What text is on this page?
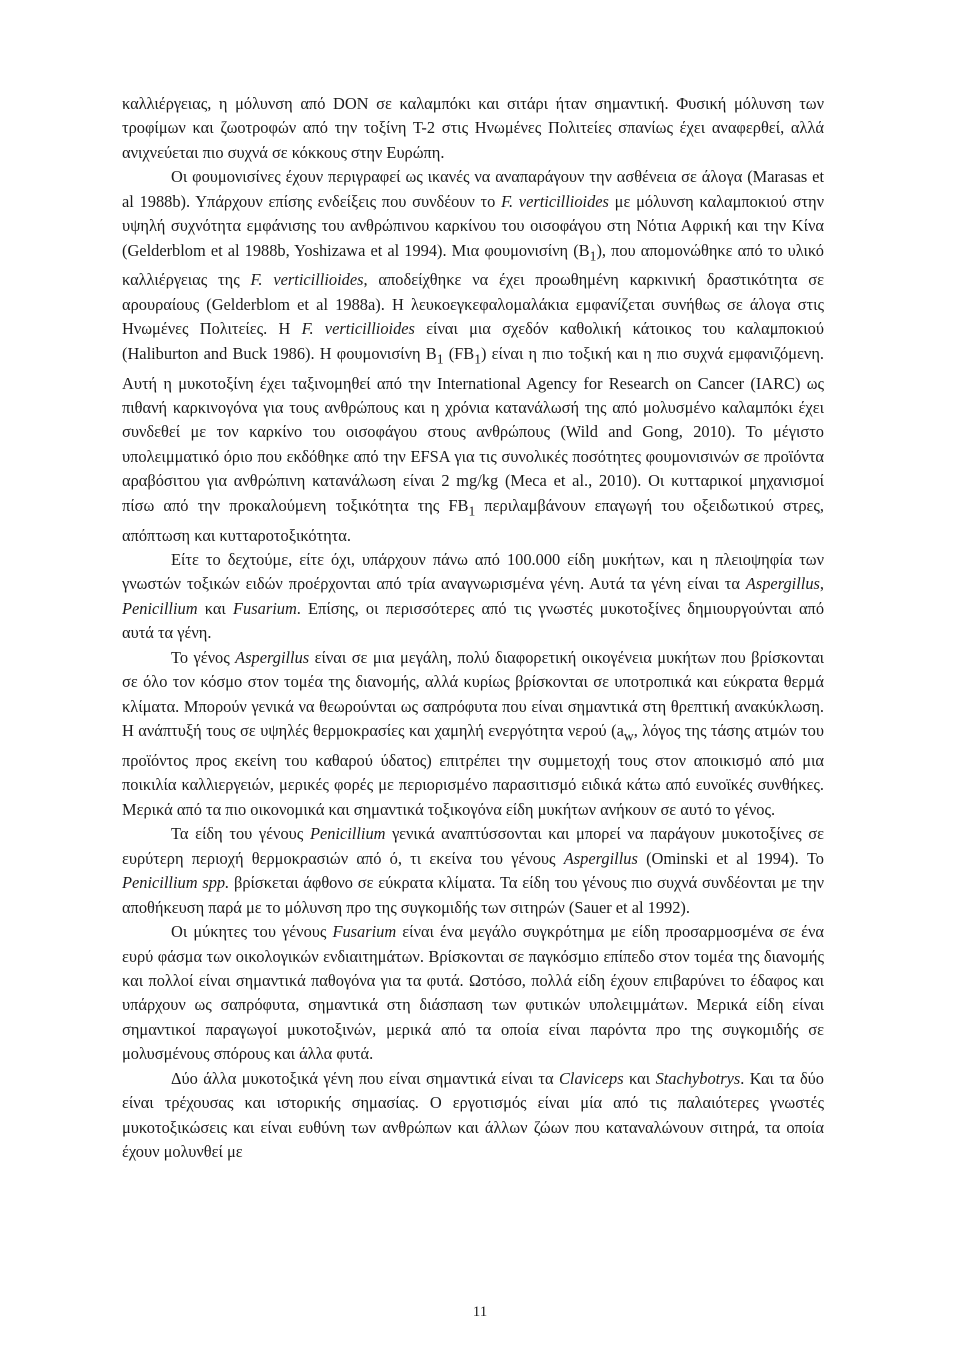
καλλιέργειας, η μόλυνση από DON σε καλαμπόκι και σιτάρι ήταν σημαντική. Φυσική μόλυνση των τροφίμων και ζωοτροφών από την τοξίνη Τ-2 στις Ηνωμένες Πολιτείες σπανίως έχει αναφερθεί, αλλά ανιχνεύεται πιο συχνά σε κόκκους στην Ευρώπη.

Οι φουμονισίνες έχουν περιγραφεί ως ικανές να αναπαράγουν την ασθένεια σε άλογα (Marasas et al 1988b). Υπάρχουν επίσης ενδείξεις που συνδέουν το F. verticillioides με μόλυνση καλαμποκιού στην υψηλή συχνότητα εμφάνισης του ανθρώπινου καρκίνου του οισοφάγου στη Νότια Αφρική και την Κίνα (Gelderblom et al 1988b, Yoshizawa et al 1994). Μια φουμονισίνη $(B_1)$, που απομονώθηκε από το υλικό καλλιέργειας της F. verticillioides, αποδείχθηκε να έχει προωθημένη καρκινική δραστικότητα σε αρουραίους (Gelderblom et al 1988a). Η λευκοεγκεφαλομαλάκια εμφανίζεται συνήθως σε άλογα στις Ηνωμένες Πολιτείες. Η F. verticillioides είναι μια σχεδόν καθολική κάτοικος του καλαμποκιού (Haliburton and Buck 1986). Η φουμονισίνη $B_1$ $(FB_1)$ είναι η πιο τοξική και η πιο συχνά εμφανιζόμενη. Αυτή η μυκοτοξίνη έχει ταξινομηθεί από την International Agency for Research on Cancer (IARC) ως πιθανή καρκινογόνα για τους ανθρώπους και η χρόνια κατανάλωσή της από μολυσμένο καλαμπόκι έχει συνδεθεί με τον καρκίνο του οισοφάγου στους ανθρώπους (Wild and Gong, 2010). Το μέγιστο υπολειμματικό όριο που εκδόθηκε από την EFSA για τις συνολικές ποσότητες φουμονισινών σε προϊόντα αραβόσιτου για ανθρώπινη κατανάλωση είναι 2 mg/kg (Meca et al., 2010). Οι κυτταρικοί μηχανισμοί πίσω από την προκαλούμενη τοξικότητα της $FB_1$ περιλαμβάνουν επαγωγή του οξειδωτικού στρες, απόπτωση και κυτταροτοξικότητα.

Είτε το δεχτούμε, είτε όχι, υπάρχουν πάνω από 100.000 είδη μυκήτων, και η πλειοψηφία των γνωστών τοξικών ειδών προέρχονται από τρία αναγνωρισμένα γένη. Αυτά τα γένη είναι τα Aspergillus, Penicillium και Fusarium. Επίσης, οι περισσότερες από τις γνωστές μυκοτοξίνες δημιουργούνται από αυτά τα γένη.

Το γένος Aspergillus είναι σε μια μεγάλη, πολύ διαφορετική οικογένεια μυκήτων που βρίσκονται σε όλο τον κόσμο στον τομέα της διανομής, αλλά κυρίως βρίσκονται σε υποτροπικά και εύκρατα θερμά κλίματα. Μπορούν γενικά να θεωρούνται ως σαπρόφυτα που είναι σημαντικά στη θρεπτική ανακύκλωση. Η ανάπτυξή τους σε υψηλές θερμοκρασίες και χαμηλή ενεργότητα νερού ($a_w$, λόγος της τάσης ατμών του προϊόντος προς εκείνη του καθαρού ύδατος) επιτρέπει την συμμετοχή τους στον αποικισμό από μια ποικιλία καλλιεργειών, μερικές φορές με περιορισμένο παρασιτισμό ειδικά κάτω από ευνοϊκές συνθήκες. Μερικά από τα πιο οικονομικά και σημαντικά τοξικογόνα είδη μυκήτων ανήκουν σε αυτό το γένος.

Τα είδη του γένους Penicillium γενικά αναπτύσσονται και μπορεί να παράγουν μυκοτοξίνες σε ευρύτερη περιοχή θερμοκρασιών από ό, τι εκείνα του γένους Aspergillus (Ominski et al 1994). Το Penicillium spp. βρίσκεται άφθονο σε εύκρατα κλίματα. Τα είδη του γένους πιο συχνά συνδέονται με την αποθήκευση παρά με το μόλυνση προ της συγκομιδής των σιτηρών (Sauer et al 1992).

Οι μύκητες του γένους Fusarium είναι ένα μεγάλο συγκρότημα με είδη προσαρμοσμένα σε ένα ευρύ φάσμα των οικολογικών ενδιαιτημάτων. Βρίσκονται σε παγκόσμιο επίπεδο στον τομέα της διανομής και πολλοί είναι σημαντικά παθογόνα για τα φυτά. Ωστόσο, πολλά είδη έχουν επιβαρύνει το έδαφος και υπάρχουν ως σαπρόφυτα, σημαντικά στη διάσπαση των φυτικών υπολειμμάτων. Μερικά είδη είναι σημαντικοί παραγωγοί μυκοτοξινών, μερικά από τα οποία είναι παρόντα προ της συγκομιδής σε μολυσμένους σπόρους και άλλα φυτά.

Δύο άλλα μυκοτοξικά γένη που είναι σημαντικά είναι τα Claviceps και Stachybotrys. Και τα δύο είναι τρέχουσας και ιστορικής σημασίας. Ο εργοτισμός είναι μία από τις παλαιότερες γνωστές μυκοτοξικώσεις και είναι ευθύνη των ανθρώπων και άλλων ζώων που καταναλώνουν σιτηρά, τα οποία έχουν μολυνθεί με

11
